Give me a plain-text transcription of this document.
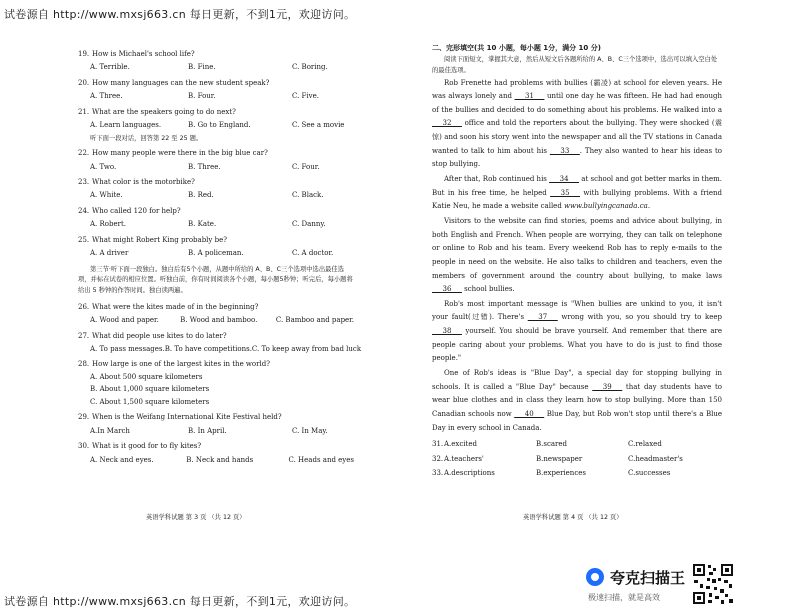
试卷源自 http://www.mxsj663.cn 每日更新，不到1元，欢迎访问。
19. How is Michael's school life?
A. Terrible.	B. Fine.	C. Boring.
20. How many languages can the new student speak?
A. Three.	B. Four.	C. Five.
21. What are the speakers going to do next?
A. Learn languages.	B. Go to England.	C. See a movie
听下面一段对话，回答第 22 至 25 题。
22. How many people were there in the big blue car?
A. Two.	B. Three.	C. Four.
23. What color is the motorbike?
A. White.	B. Red.	C. Black.
24. Who called 120 for help?
A. Robert.	B. Kate.	C. Danny.
25. What might Robert King probably be?
A. A driver	B. A policeman.	C. A doctor.
第三节·听下面一段独白。独白后有5个小题，从题中所给的 A、B、C三个选项中选出最佳选项，并标在试卷的相应位置。听独白前，你有时间阅读各个小题，每小题5秒钟；听完后，每小题将给出 5 秒钟的作答时间。独白读两遍。
26. What were the kites made of in the beginning?
A. Wood and paper.	B. Wood and bamboo.	C. Bamboo and paper.
27. What did people use kites to do later?
A. To pass messages. B. To have competitions. C. To keep away from bad luck
28. How large is one of the largest kites in the world?
A. About 500 square kilometers
B. About 1,000 square kilometers
C. About 1,500 square kilometers
29. When is the Weifang International Kite Festival held?
A.In March	B. In April.	C. In May.
30. What is it good for to fly kites?
A. Neck and eyes.	B. Neck and hands	C. Heads and eyes
英语学科试题 第 3 页 （共 12 页）
二、完形填空(共 10 小题，每小题 1分，满分 10 分)
阅读下面短文，掌握其大意，然后从短文后各题所给的 A、B、C三个选项中，选出可以填入空白处的最佳选项。
Rob Frenette had problems with bullies (霸凌) at school for eleven years. He was always lonely and ___31___ until one day he was fifteen. He had had enough of the bullies and decided to do something about his problems. He walked into a ___32___ office and told the reporters about the bullying. They were shocked (震惊) and soon his story went into the newspaper and all the TV stations in Canada wanted to talk to him about his ___33___. They also wanted to hear his ideas to stop bullying.
After that, Rob continued his ___34___ at school and got better marks in them. But in his free time, he helped ___35___ with bullying problems. With a friend Katie Neu, he made a website called www.bullyingcanada.ca.
Visitors to the website can find stories, poems and advice about bullying, in both English and French. When people are worrying, they can talk on telephone or online to Rob and his team. Every weekend Rob has to reply e-mails to the people in need on the website. He also talks to children and teachers, even the members of government around the country about bullying, to make laws ___36___ school bullies.
Rob's most important message is "When bullies are unkind to you, it isn't your fault(过错). There's ___37___ wrong with you, so you should try to keep ___38___ yourself. You should be brave yourself. And remember that there are people caring about your problems. What you have to do is just to find those people."
One of Rob's ideas is "Blue Day", a special day for stopping bullying in schools. It is called a "Blue Day" because ___39___ that day students have to wear blue clothes and in class they learn how to stop bullying. More than 150 Canadian schools now ___40___ Blue Day, but Rob won't stop until there's a Blue Day in every school in Canada.
31. A.excited	B.scared	C.relaxed
32. A.teachers'	B.newspaper	C.headmaster's
33. A.descriptions	B.experiences	C.successes
英语学科试题 第 4 页 （共 12 页）
夸克扫描王
极速扫描，就是高效
试卷源自 http://www.mxsj663.cn 每日更新，不到1元，欢迎访问。
